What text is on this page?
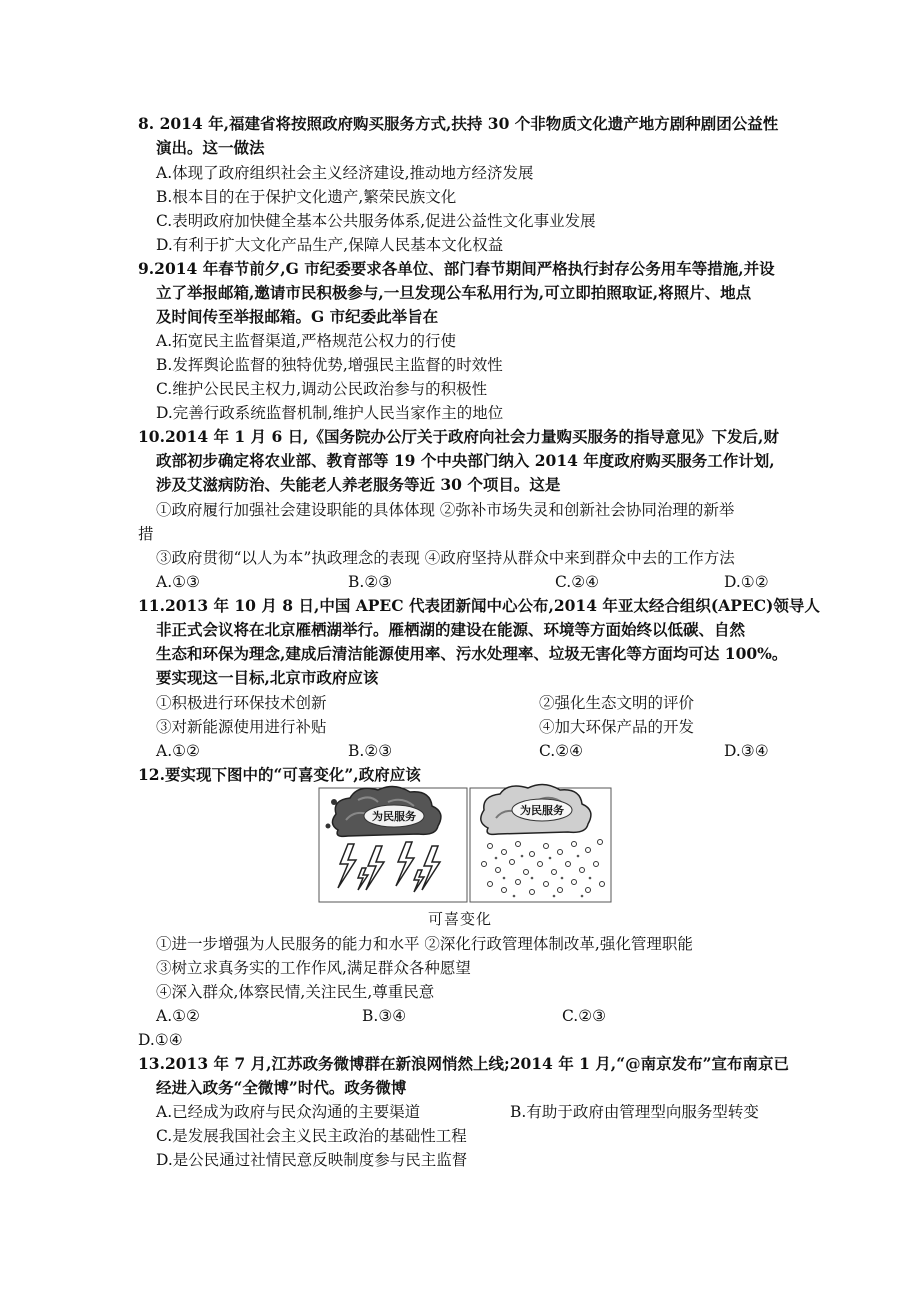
8. 2014 年,福建省将按照政府购买服务方式,扶持 30 个非物质文化遗产地方剧种剧团公益性
演出。这一做法
A.体现了政府组织社会主义经济建设,推动地方经济发展
B.根本目的在于保护文化遗产,繁荣民族文化
C.表明政府加快健全基本公共服务体系,促进公益性文化事业发展
D.有利于扩大文化产品生产,保障人民基本文化权益
9.2014 年春节前夕,G 市纪委要求各单位、部门春节期间严格执行封存公务用车等措施,并设
立了举报邮箱,邀请市民积极参与,一旦发现公车私用行为,可立即拍照取证,将照片、地点
及时间传至举报邮箱。G 市纪委此举旨在
A.拓宽民主监督渠道,严格规范公权力的行使
B.发挥舆论监督的独特优势,增强民主监督的时效性
C.维护公民民主权力,调动公民政治参与的积极性
D.完善行政系统监督机制,维护人民当家作主的地位
10.2014 年 1 月 6 日,《国务院办公厅关于政府向社会力量购买服务的指导意见》下发后,财
政部初步确定将农业部、教育部等 19 个中央部门纳入 2014 年度政府购买服务工作计划,
涉及艾滋病防治、失能老人养老服务等近 30 个项目。这是
①政府履行加强社会建设职能的具体体现 ②弥补市场失灵和创新社会协同治理的新举
措
③政府贯彻“以人为本”执政理念的表现 ④政府坚持从群众中来到群众中去的工作方法
A.①③	B.②③	C.②④	D.①②
11.2013 年 10 月 8 日,中国 APEC 代表团新闻中心公布,2014 年亚太经合组织(APEC)领导人
非正式会议将在北京雁栖湖举行。雁栖湖的建设在能源、环境等方面始终以低碳、自然
生态和环保为理念,建成后清洁能源使用率、污水处理率、垃圾无害化等方面均可达 100%。
要实现这一目标,北京市政府应该
①积极进行环保技术创新	②强化生态文明的评价
③对新能源使用进行补贴	④加大环保产品的开发
A.①②	B.②③	C.②④	D.③④
12.要实现下图中的“可喜变化”,政府应该
为民服务	为民服务
可喜变化
①进一步增强为人民服务的能力和水平 ②深化行政管理体制改革,强化管理职能
③树立求真务实的工作作风,满足群众各种愿望
④深入群众,体察民情,关注民生,尊重民意
A.①②	B.③④	C.②③
D.①④
13.2013 年 7 月,江苏政务微博群在新浪网悄然上线;2014 年 1 月,“@南京发布”宣布南京已
经进入政务“全微博”时代。政务微博
A.已经成为政府与民众沟通的主要渠道	B.有助于政府由管理型向服务型转变
C.是发展我国社会主义民主政治的基础性工程
D.是公民通过社情民意反映制度参与民主监督
